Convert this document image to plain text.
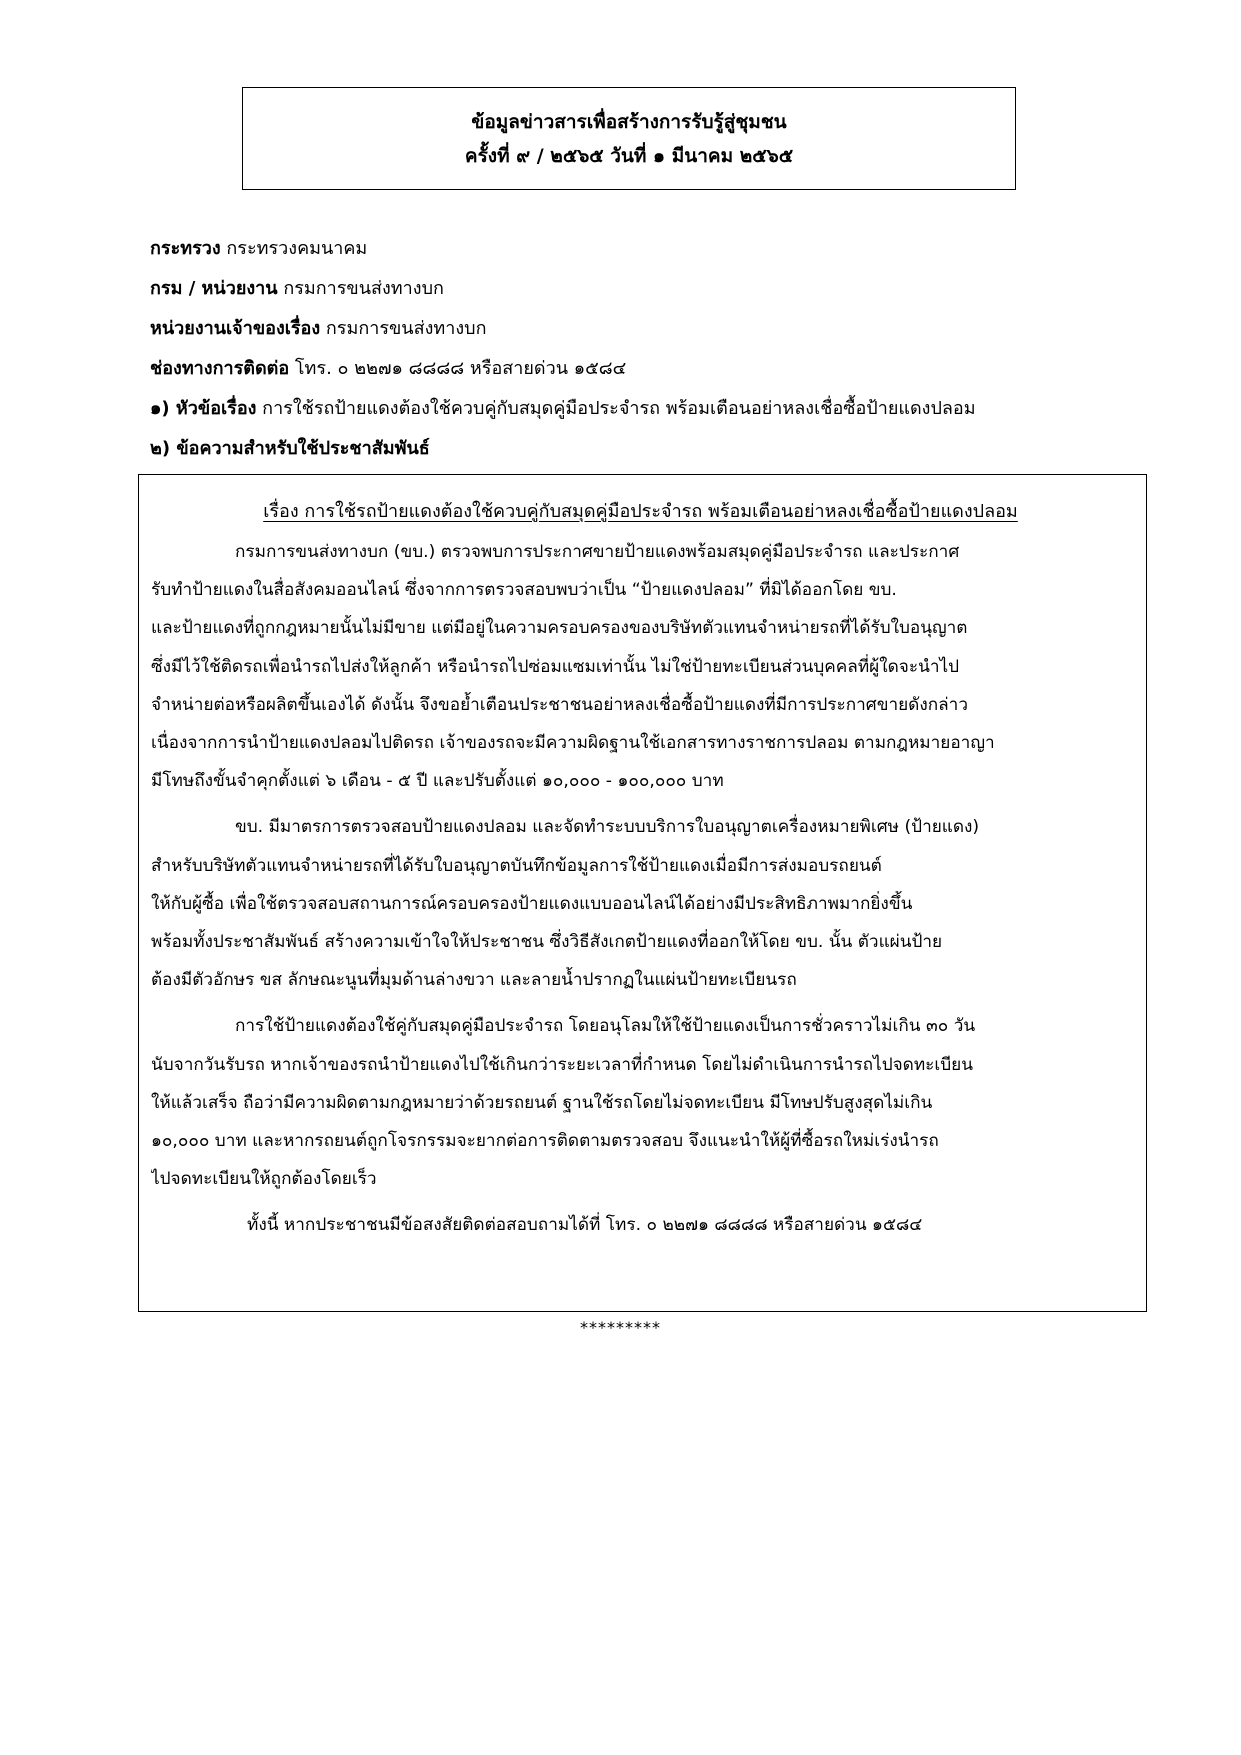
ข้อมูลข่าวสารเพื่อสร้างการรับรู้สู่ชุมชน
ครั้งที่ ๙ / ๒๕๖๕ วันที่ ๑ มีนาคม ๒๕๖๕
กระทรวง กระทรวงคมนาคม
กรม / หน่วยงาน กรมการขนส่งทางบก
หน่วยงานเจ้าของเรื่อง กรมการขนส่งทางบก
ช่องทางการติดต่อ โทร. ๐ ๒๒๗๑ ๘๘๘๘ หรือสายด่วน ๑๕๘๔
๑) หัวข้อเรื่อง การใช้รถป้ายแดงต้องใช้ควบคู่กับสมุดคู่มือประจำรถ พร้อมเตือนอย่าหลงเชื่อซื้อป้ายแดงปลอม
๒) ข้อความสำหรับใช้ประชาสัมพันธ์
เรื่อง การใช้รถป้ายแดงต้องใช้ควบคู่กับสมุดคู่มือประจำรถ พร้อมเตือนอย่าหลงเชื่อซื้อป้ายแดงปลอม
กรมการขนส่งทางบก (ขบ.) ตรวจพบการประกาศขายป้ายแดงพร้อมสมุดคู่มือประจำรถ และประกาศ
รับทำป้ายแดงในสื่อสังคมออนไลน์ ซึ่งจากการตรวจสอบพบว่าเป็น “ป้ายแดงปลอม” ที่มิได้ออกโดย ขบ.
และป้ายแดงที่ถูกกฎหมายนั้นไม่มีขาย แต่มีอยู่ในความครอบครองของบริษัทตัวแทนจำหน่ายรถที่ได้รับใบอนุญาต
ซึ่งมีไว้ใช้ติดรถเพื่อนำรถไปส่งให้ลูกค้า หรือนำรถไปซ่อมแซมเท่านั้น ไม่ใช่ป้ายทะเบียนส่วนบุคคลที่ผู้ใดจะนำไป
จำหน่ายต่อหรือผลิตขึ้นเองได้ ดังนั้น จึงขอย้ำเตือนประชาชนอย่าหลงเชื่อซื้อป้ายแดงที่มีการประกาศขายดังกล่าว
เนื่องจากการนำป้ายแดงปลอมไปติดรถ เจ้าของรถจะมีความผิดฐานใช้เอกสารทางราชการปลอม ตามกฎหมายอาญา
มีโทษถึงขั้นจำคุกตั้งแต่ ๖ เดือน - ๕ ปี และปรับตั้งแต่ ๑๐,๐๐๐ - ๑๐๐,๐๐๐ บาท
ขบ. มีมาตรการตรวจสอบป้ายแดงปลอม และจัดทำระบบบริการใบอนุญาตเครื่องหมายพิเศษ (ป้ายแดง)
สำหรับบริษัทตัวแทนจำหน่ายรถที่ได้รับใบอนุญาตบันทึกข้อมูลการใช้ป้ายแดงเมื่อมีการส่งมอบรถยนต์
ให้กับผู้ซื้อ เพื่อใช้ตรวจสอบสถานการณ์ครอบครองป้ายแดงแบบออนไลน์ได้อย่างมีประสิทธิภาพมากยิ่งขึ้น
พร้อมทั้งประชาสัมพันธ์ สร้างความเข้าใจให้ประชาชน ซึ่งวิธีสังเกตป้ายแดงที่ออกให้โดย ขบ. นั้น ตัวแผ่นป้าย
ต้องมีตัวอักษร ขส ลักษณะนูนที่มุมด้านล่างขวา และลายน้ำปรากฏในแผ่นป้ายทะเบียนรถ
การใช้ป้ายแดงต้องใช้คู่กับสมุดคู่มือประจำรถ โดยอนุโลมให้ใช้ป้ายแดงเป็นการชั่วคราวไม่เกิน ๓๐ วัน
นับจากวันรับรถ หากเจ้าของรถนำป้ายแดงไปใช้เกินกว่าระยะเวลาที่กำหนด โดยไม่ดำเนินการนำรถไปจดทะเบียน
ให้แล้วเสร็จ ถือว่ามีความผิดตามกฎหมายว่าด้วยรถยนต์ ฐานใช้รถโดยไม่จดทะเบียน มีโทษปรับสูงสุดไม่เกิน
๑๐,๐๐๐ บาท และหากรถยนต์ถูกโจรกรรมจะยากต่อการติดตามตรวจสอบ จึงแนะนำให้ผู้ที่ซื้อรถใหม่เร่งนำรถ
ไปจดทะเบียนให้ถูกต้องโดยเร็ว
ทั้งนี้ หากประชาชนมีข้อสงสัยติดต่อสอบถามได้ที่ โทร. ๐ ๒๒๗๑ ๘๘๘๘ หรือสายด่วน ๑๕๘๔
*********
